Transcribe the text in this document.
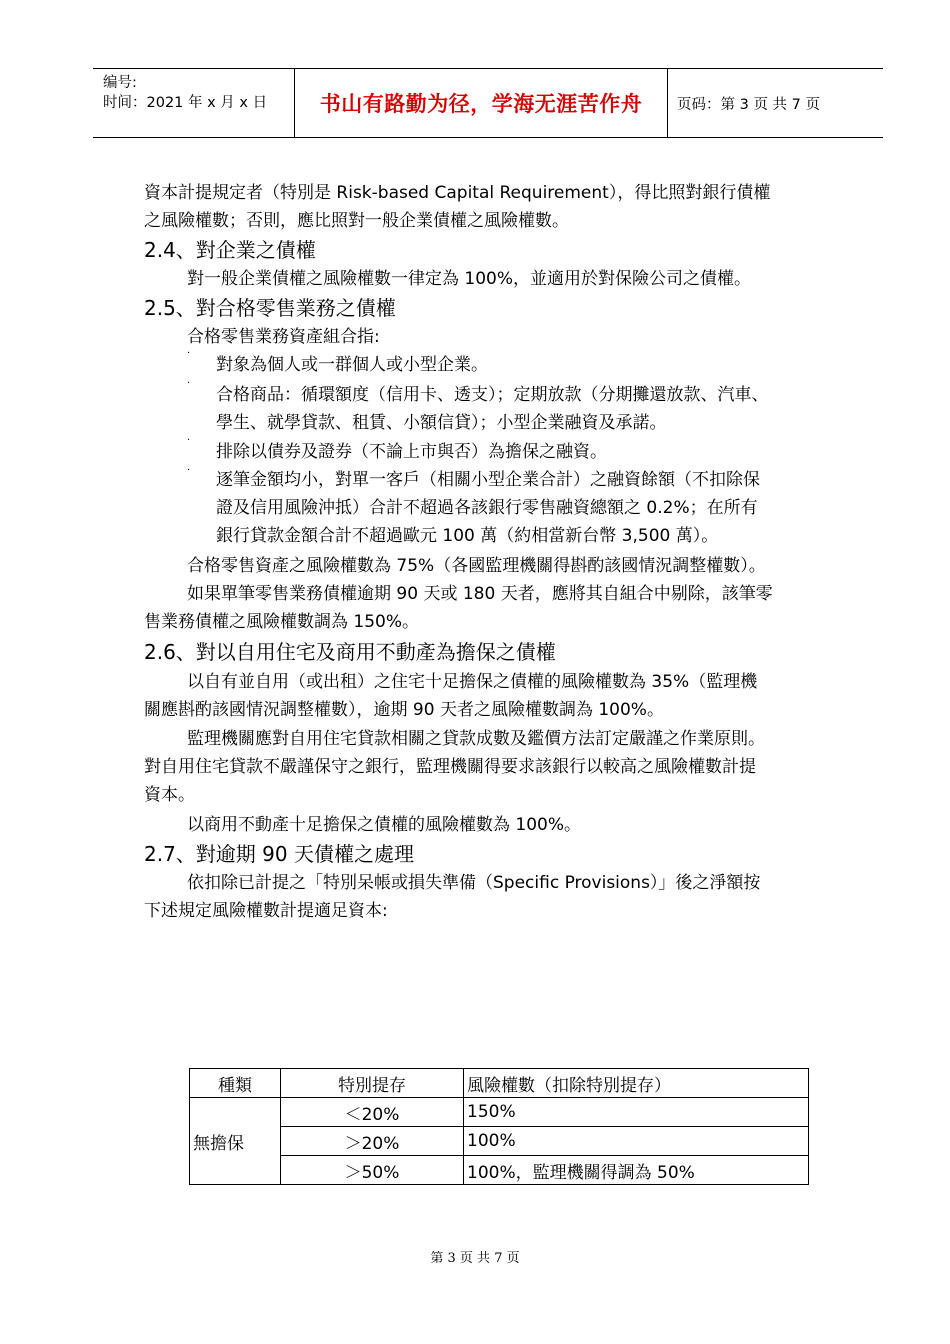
编号:
时间：2021 年 x 月 x 日	书山有路勤为径，学海无涯苦作舟	页码：第 3 页 共 7 页
資本計提規定者（特別是 Risk-based Capital Requirement），得比照對銀行債權
之風險權數；否則，應比照對一般企業債權之風險權數。
2.4、對企業之債權
對一般企業債權之風險權數一律定為 100%，並適用於對保險公司之債權。
2.5、對合格零售業務之債權
合格零售業務資產組合指:
·
對象為個人或一群個人或小型企業。
·
合格商品：循環額度（信用卡、透支）；定期放款（分期攤還放款、汽車、
學生、就學貸款、租賃、小額信貸）；小型企業融資及承諾。
·
排除以債券及證券（不論上市與否）為擔保之融資。
· 逐筆金額均小，對單一客戶（相關小型企業合計）之融資餘額（不扣除保
證及信用風險沖抵）合計不超過各該銀行零售融資總額之 0.2%；在所有
銀行貸款金額合計不超過歐元 100 萬（約相當新台幣 3,500 萬）。
合格零售資產之風險權數為 75%（各國監理機關得斟酌該國情況調整權數）。
如果單筆零售業務債權逾期 90 天或 180 天者，應將其自組合中剔除，該筆零
售業務債權之風險權數調為 150%。
2.6、對以自用住宅及商用不動產為擔保之債權
以自有並自用（或出租）之住宅十足擔保之債權的風險權數為 35%（監理機
關應斟酌該國情況調整權數），逾期 90 天者之風險權數調為 100%。
監理機關應對自用住宅貸款相關之貸款成數及鑑價方法訂定嚴謹之作業原則。
對自用住宅貸款不嚴謹保守之銀行，監理機關得要求該銀行以較高之風險權數計提
資本。
以商用不動產十足擔保之債權的風險權數為 100%。
2.7、對逾期 90 天債權之處理
依扣除已計提之「特別呆帳或損失準備（Specific Provisions）」後之淨額按
下述規定風險權數計提適足資本:
種類	特別提存	風險權數（扣除特別提存）
無擔保	＜20%	150%
	＞20%	100%
	＞50%	100%，監理機關得調為 50%
第 3 页 共 7 页
